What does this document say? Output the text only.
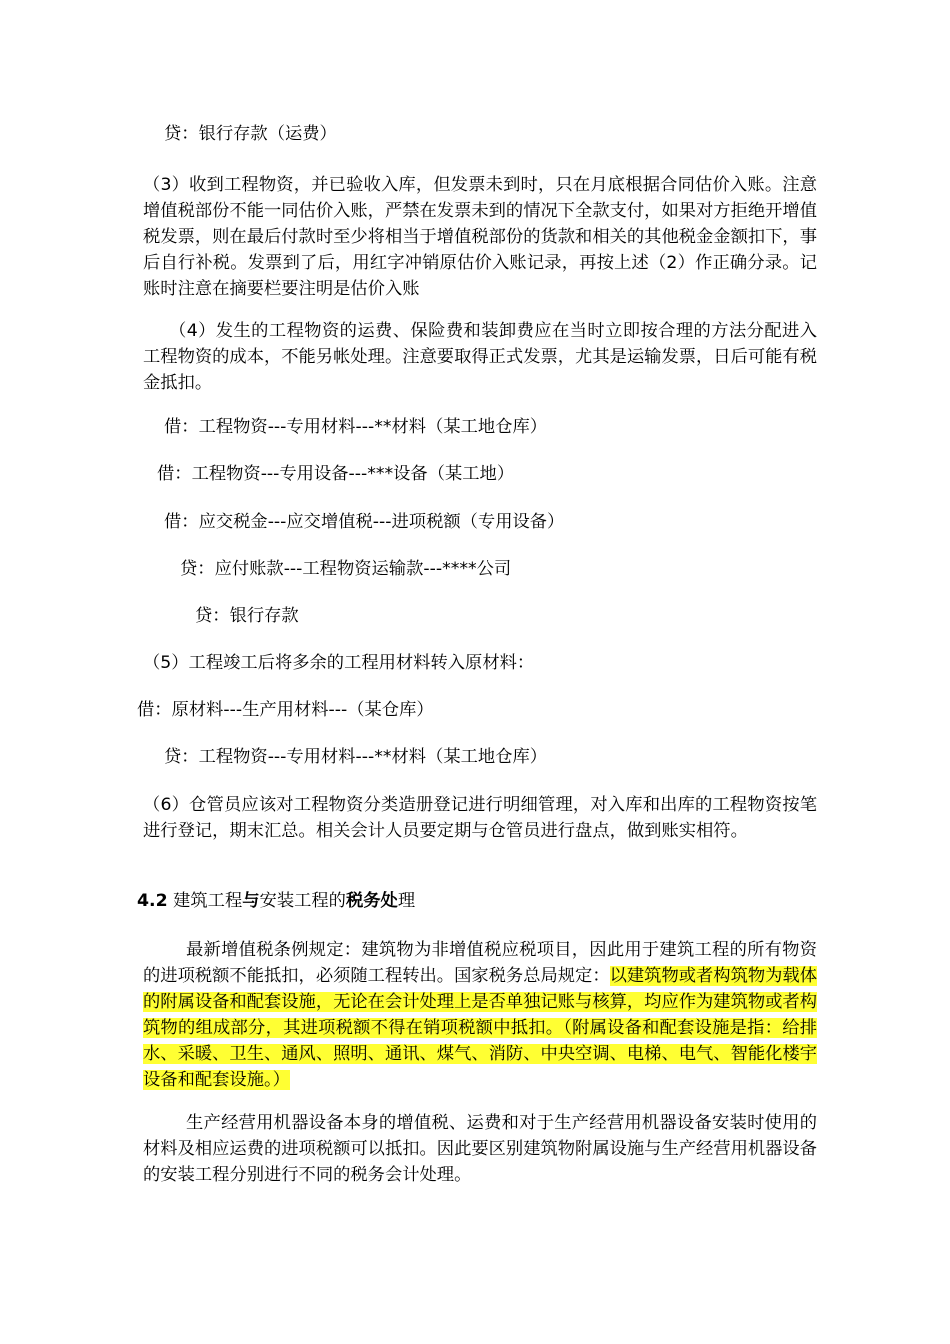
贷：银行存款（运费）
（3）收到工程物资，并已验收入库，但发票未到时，只在月底根据合同估价入账。注意增值税部份不能一同估价入账，严禁在发票未到的情况下全款支付，如果对方拒绝开增值税发票，则在最后付款时至少将相当于增值税部份的货款和相关的其他税金金额扣下，事后自行补税。发票到了后，用红字冲销原估价入账记录，再按上述（2）作正确分录。记账时注意在摘要栏要注明是估价入账
（4）发生的工程物资的运费、保险费和装卸费应在当时立即按合理的方法分配进入工程物资的成本，不能另帐处理。注意要取得正式发票，尤其是运输发票，日后可能有税金抵扣。
借：工程物资---专用材料---**材料（某工地仓库）
借：工程物资---专用设备---***设备（某工地）
借：应交税金---应交增值税---进项税额（专用设备）
贷：应付账款---工程物资运输款---****公司
贷：银行存款
（5）工程竣工后将多余的工程用材料转入原材料：
借：原材料---生产用材料---（某仓库）
贷：工程物资---专用材料---**材料（某工地仓库）
（6）仓管员应该对工程物资分类造册登记进行明细管理，对入库和出库的工程物资按笔进行登记，期末汇总。相关会计人员要定期与仓管员进行盘点，做到账实相符。
4.2 建筑工程与安装工程的税务处理
最新增值税条例规定：建筑物为非增值税应税项目，因此用于建筑工程的所有物资的进项税额不能抵扣，必须随工程转出。国家税务总局规定：以建筑物或者构筑物为载体的附属设备和配套设施，无论在会计处理上是否单独记账与核算，均应作为建筑物或者构筑物的组成部分，其进项税额不得在销项税额中抵扣。（附属设备和配套设施是指：给排水、采暖、卫生、通风、照明、通讯、煤气、消防、中央空调、电梯、电气、智能化楼宇设备和配套设施。）
生产经营用机器设备本身的增值税、运费和对于生产经营用机器设备安装时使用的材料及相应运费的进项税额可以抵扣。因此要区别建筑物附属设施与生产经营用机器设备的安装工程分别进行不同的税务会计处理。
